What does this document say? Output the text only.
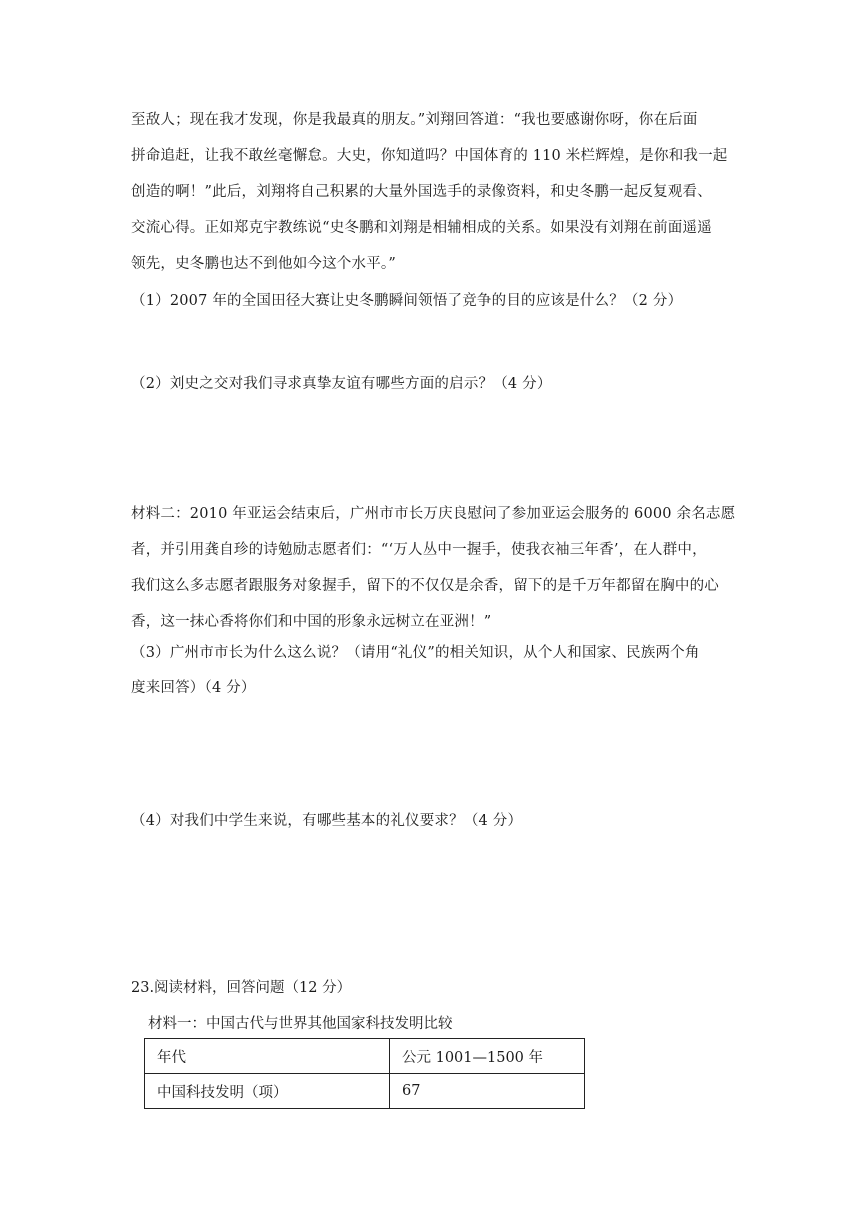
至敌人；现在我才发现，你是我最真的朋友。”刘翔回答道：“我也要感谢你呀，你在后面
拼命追赶，让我不敢丝毫懈怠。大史，你知道吗？中国体育的 110 米栏辉煌，是你和我一起
创造的啊！”此后，刘翔将自己积累的大量外国选手的录像资料，和史冬鹏一起反复观看、
交流心得。正如郑克宇教练说“史冬鹏和刘翔是相辅相成的关系。如果没有刘翔在前面遥遥
领先，史冬鹏也达不到他如今这个水平。”
（1）2007 年的全国田径大赛让史冬鹏瞬间领悟了竞争的目的应该是什么？（2 分）
（2）刘史之交对我们寻求真挚友谊有哪些方面的启示？（4 分）
材料二：2010 年亚运会结束后，广州市市长万庆良慰问了参加亚运会服务的 6000 余名志愿
者，并引用龚自珍的诗勉励志愿者们：“‘万人丛中一握手，使我衣袖三年香’，在人群中，
我们这么多志愿者跟服务对象握手，留下的不仅仅是余香，留下的是千万年都留在胸中的心
香，这一抹心香将你们和中国的形象永远树立在亚洲！”
（3）广州市市长为什么这么说？（请用“礼仪”的相关知识，从个人和国家、民族两个角
度来回答）（4 分）
（4）对我们中学生来说，有哪些基本的礼仪要求？（4 分）
23.阅读材料，回答问题（12 分）
材料一：中国古代与世界其他国家科技发明比较
年代	公元 1001—1500 年
中国科技发明（项）	67
